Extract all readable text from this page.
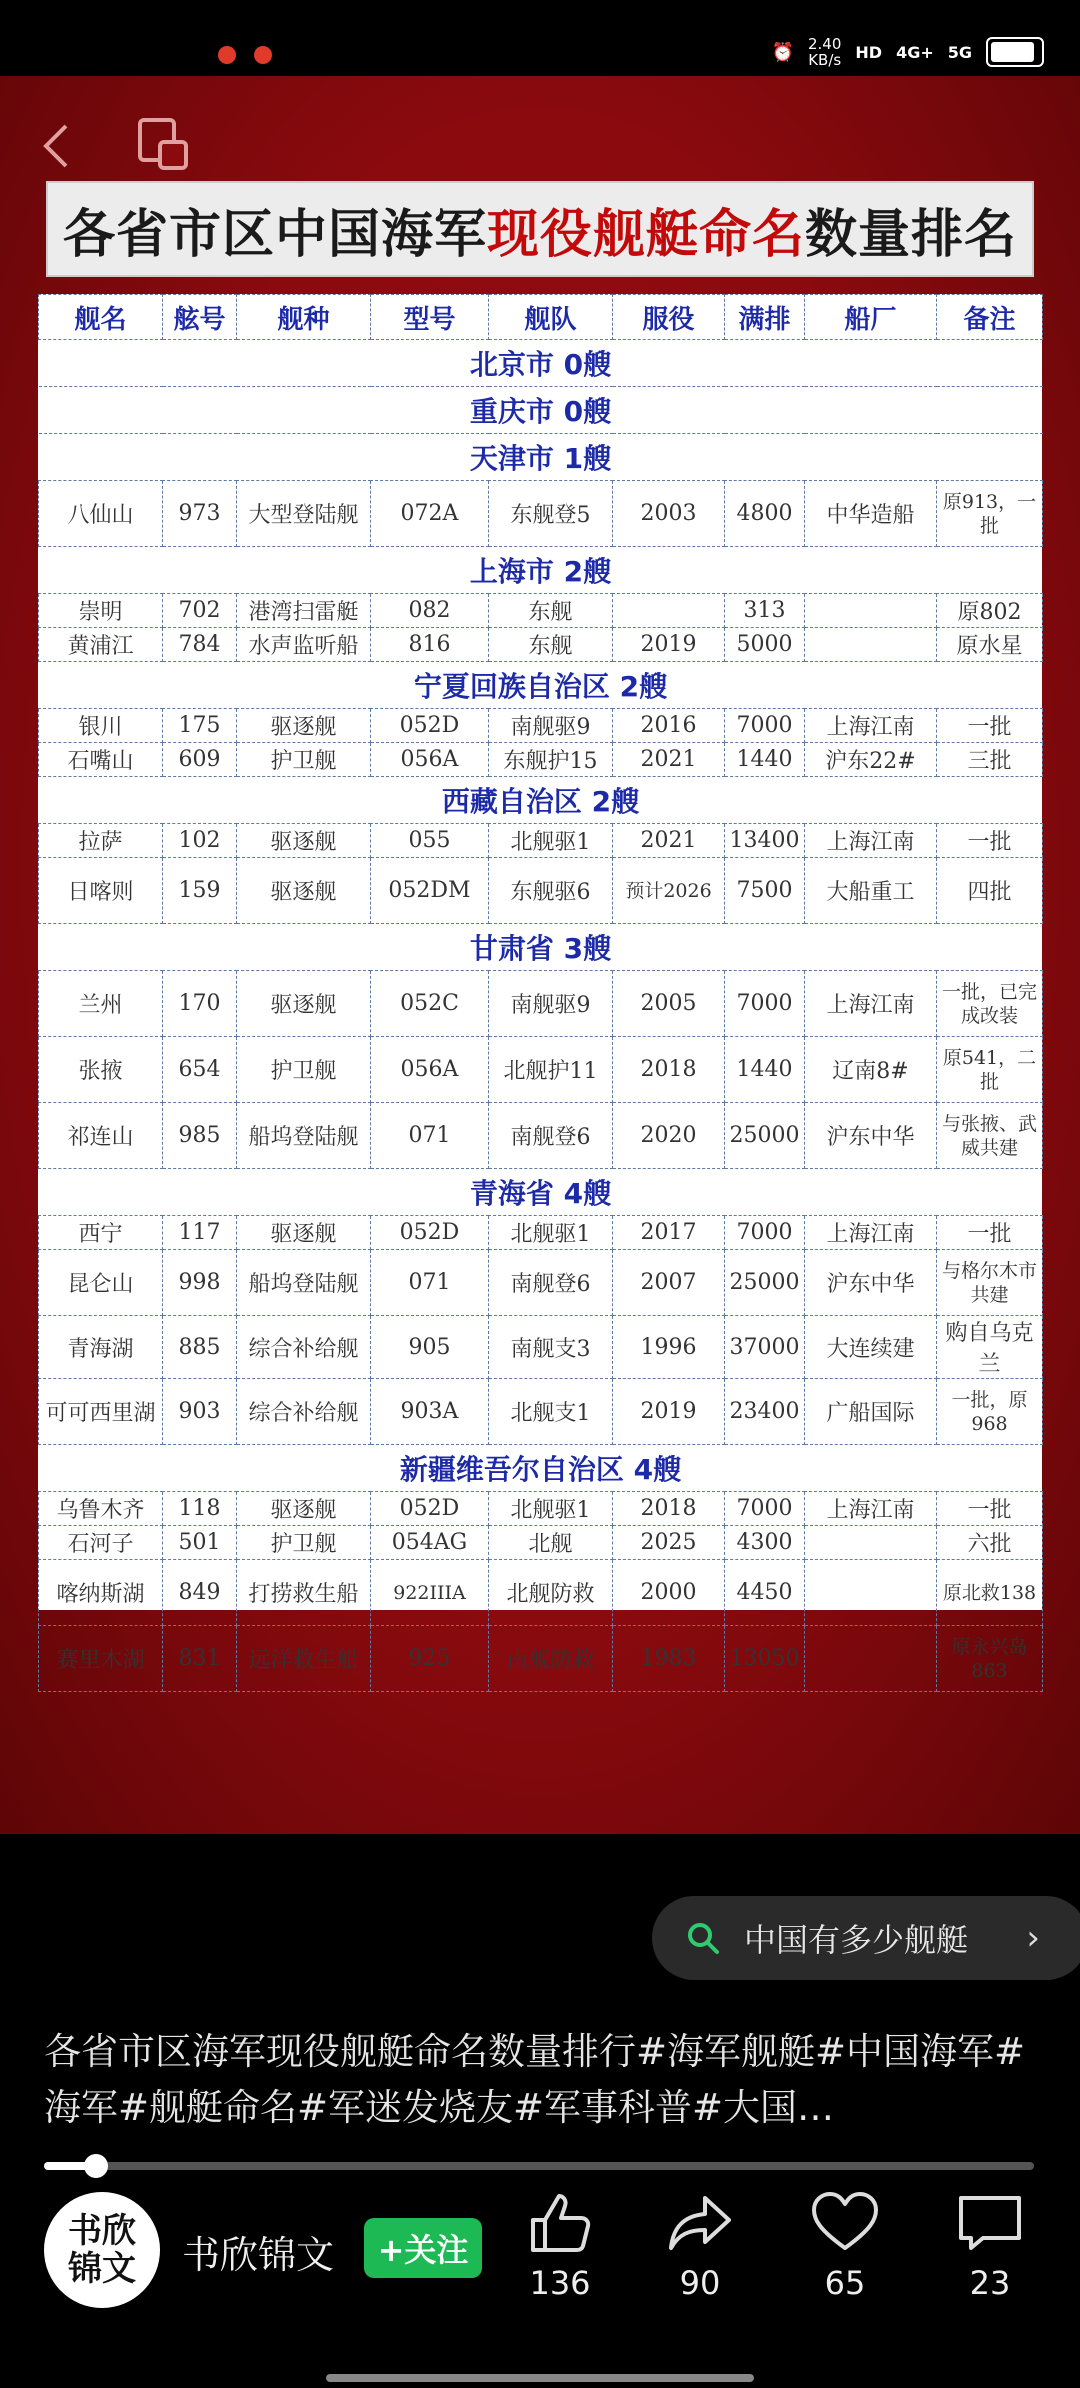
⏰ 2.40
KB/s HD 4G+ 5G
各省市区中国海军 现役舰艇命名 数量排名
舰名	舷号	舰种	型号	舰队	服役	满排	船厂	备注
北京市 0艘								
重庆市 0艘								
天津市 1艘								
八仙山	973	大型登陆舰	072A	东舰登5	2003	4800	中华造船	原913，一批
上海市 2艘								
崇明	702	港湾扫雷艇	082	东舰		313		原802
黄浦江	784	水声监听船	816	东舰	2019	5000		原水星
宁夏回族自治区 2艘								
银川	175	驱逐舰	052D	南舰驱9	2016	7000	上海江南	一批
石嘴山	609	护卫舰	056A	东舰护15	2021	1440	沪东22#	三批
西藏自治区 2艘								
拉萨	102	驱逐舰	055	北舰驱1	2021	13400	上海江南	一批
日喀则	159	驱逐舰	052DM	东舰驱6	预计2026	7500	大船重工	四批
甘肃省 3艘								
兰州	170	驱逐舰	052C	南舰驱9	2005	7000	上海江南	一批，已完成改装
张掖	654	护卫舰	056A	北舰护11	2018	1440	辽南8#	原541，二批
祁连山	985	船坞登陆舰	071	南舰登6	2020	25000	沪东中华	与张掖、武威共建
青海省 4艘								
西宁	117	驱逐舰	052D	北舰驱1	2017	7000	上海江南	一批
昆仑山	998	船坞登陆舰	071	南舰登6	2007	25000	沪东中华	与格尔木市共建
青海湖	885	综合补给舰	905	南舰支3	1996	37000	大连续建	购自乌克兰
可可西里湖	903	综合补给舰	903A	北舰支1	2019	23400	广船国际	一批，原968
新疆维吾尔自治区 4艘								
乌鲁木齐	118	驱逐舰	052D	北舰驱1	2018	7000	上海江南	一批
石河子	501	护卫舰	054AG	北舰	2025	4300		六批
喀纳斯湖	849	打捞救生船	922IIIA	北舰防救	2000	4450		原北救138
赛里木湖	831	远洋救生船	925	南舰防救	1983	13050		原永兴岛863
中国有多少舰艇 ›
各省市区海军现役舰艇命名数量排行#海军舰艇#中国海军#海军#舰艇命名#军迷发烧友#军事科普#大国…
书欣
锦文	书欣锦文	+关注
136	90	65	23
